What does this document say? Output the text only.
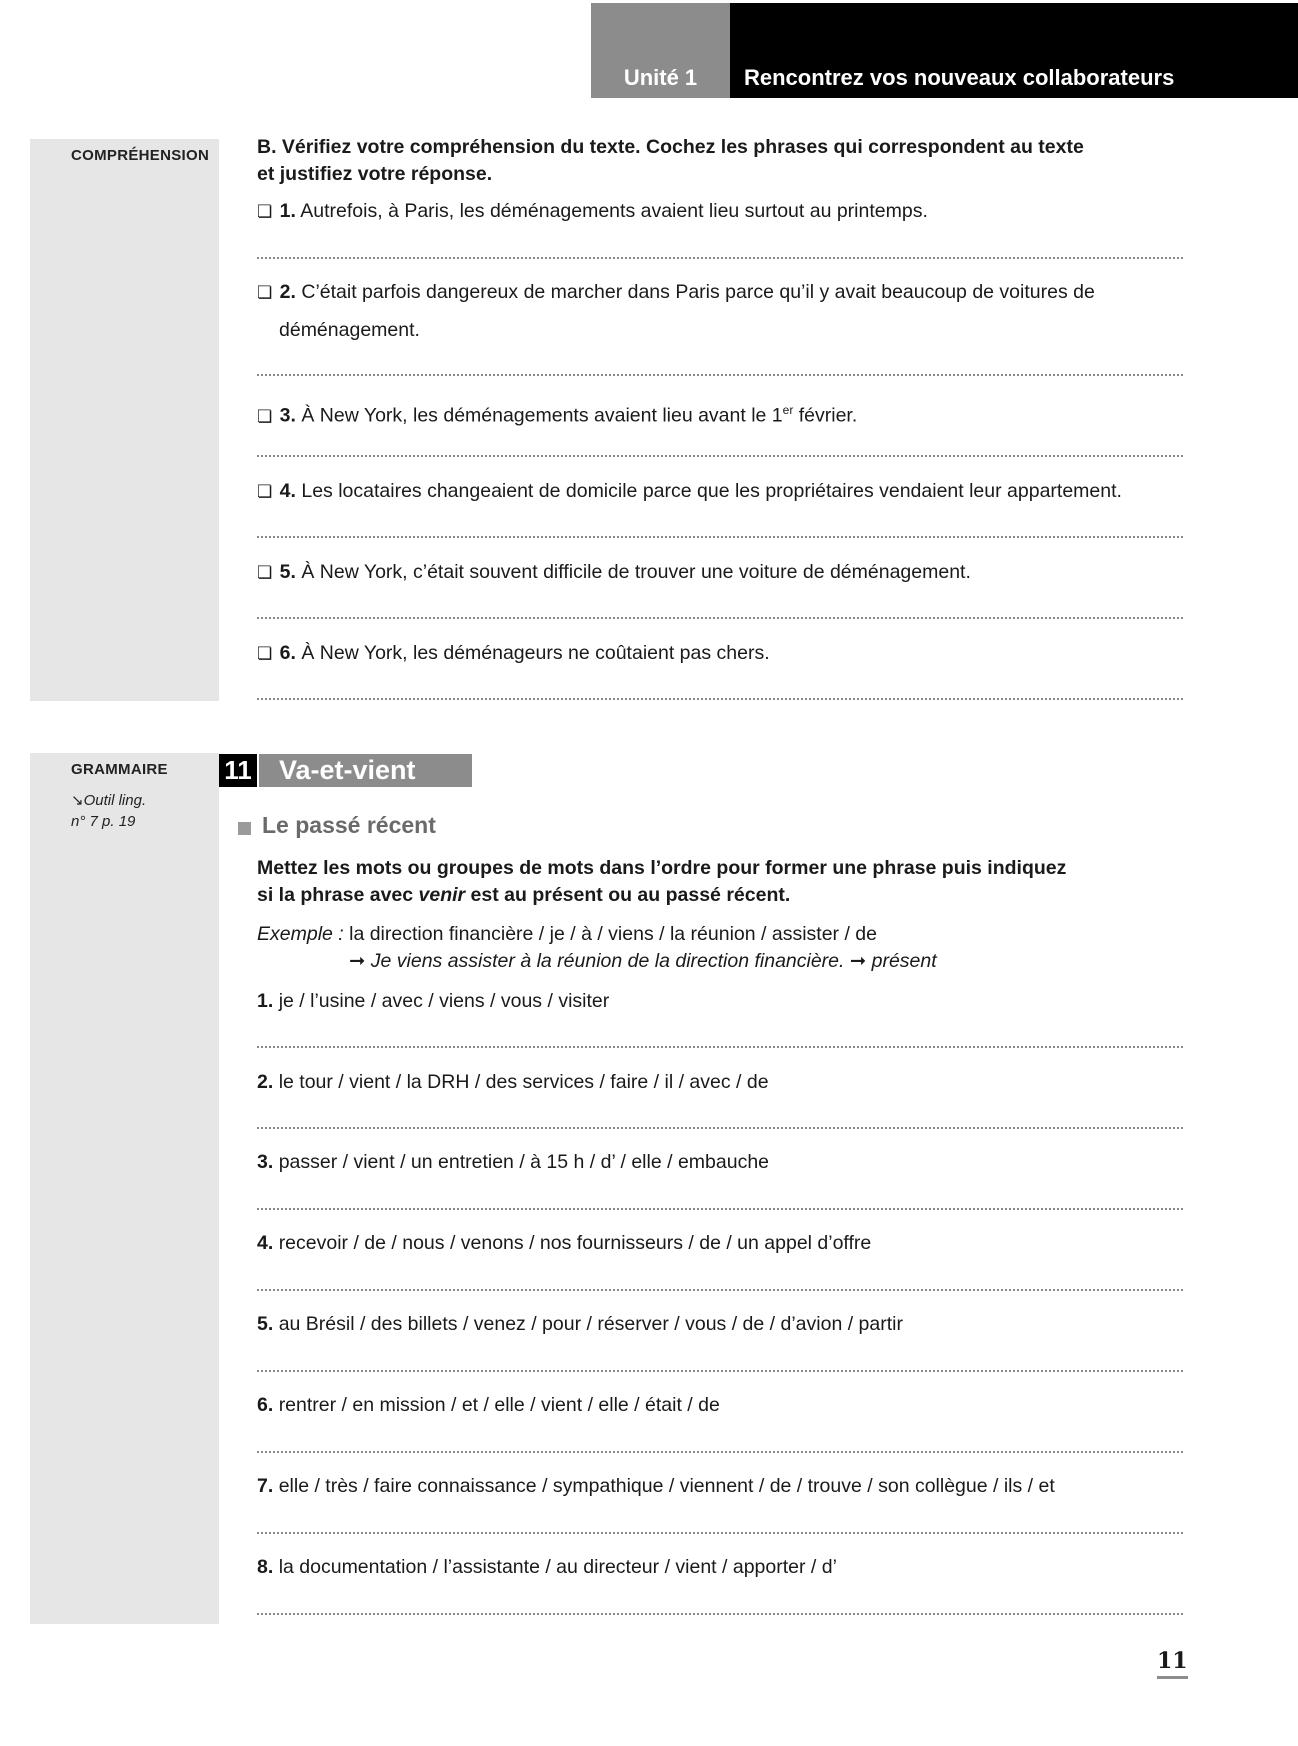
Unité 1	Rencontrez vos nouveaux collaborateurs
COMPRÉHENSION B. Vérifiez votre compréhension du texte. Cochez les phrases qui correspondent au texte
et justifiez votre réponse.
❏ 1. Autrefois, à Paris, les déménagements avaient lieu surtout au printemps.
❏ 2. C’était parfois dangereux de marcher dans Paris parce qu’il y avait beaucoup de voitures de
déménagement.
❏ 3. À New York, les déménagements avaient lieu avant le 1er février.
❏ 4. Les locataires changeaient de domicile parce que les propriétaires vendaient leur appartement.
❏ 5. À New York, c’était souvent difficile de trouver une voiture de déménagement.
❏ 6. À New York, les déménageurs ne coûtaient pas chers.
GRAMMAIRE
↘Outil ling.
n° 7 p. 19
11	Va-et-vient
Le passé récent
Mettez les mots ou groupes de mots dans l’ordre pour former une phrase puis indiquez
si la phrase avec venir est au présent ou au passé récent.
Exemple : la direction financière / je / à / viens / la réunion / assister / de
➞ Je viens assister à la réunion de la direction financière. ➞ présent
1. je / l’usine / avec / viens / vous / visiter
2. le tour / vient / la DRH / des services / faire / il / avec / de
3. passer / vient / un entretien / à 15 h / d’ / elle / embauche
4. recevoir / de / nous / venons / nos fournisseurs / de / un appel d’offre
5. au Brésil / des billets / venez / pour / réserver / vous / de / d’avion / partir
6. rentrer / en mission / et / elle / vient / elle / était / de
7. elle / très / faire connaissance / sympathique / viennent / de / trouve / son collègue / ils / et
8. la documentation / l’assistante / au directeur / vient / apporter / d’
11
